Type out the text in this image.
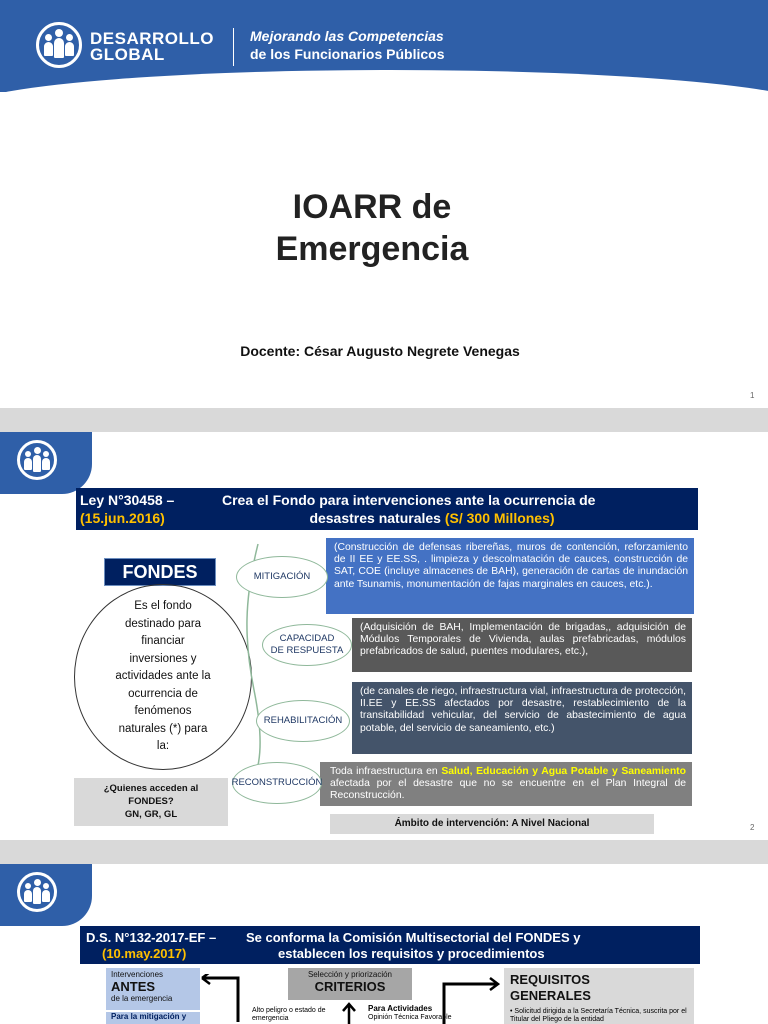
DESARROLLO
GLOBAL
Mejorando las Competencias
de los Funcionarios Públicos
IOARR de
Emergencia
Docente: César Augusto Negrete Venegas
1
Ley N°30458 –
(15.jun.2016)
Crea el Fondo para intervenciones ante la ocurrencia de
desastres naturales (S/ 300 Millones)
FONDES
Es el fondo destinado para financiar inversiones y actividades ante la ocurrencia de fenómenos naturales (*) para la:
(Construcción de defensas ribereñas, muros de contención, reforzamiento de II EE y EE.SS, . limpieza y descolmatación de cauces, construcción de SAT, COE (incluye almacenes de BAH), generación de cartas de inundación ante Tsunamis, monumentación de fajas marginales en cauces, etc.).
MITIGACIÓN
(Adquisición de BAH, Implementación de brigadas,, adquisición de Módulos Temporales de Vivienda, aulas prefabricadas, módulos prefabricados de salud, puentes modulares, etc.),
CAPACIDAD
DE RESPUESTA
(de canales de riego, infraestructura vial, infraestructura de protección, II.EE y EE.SS afectados por desastre, restablecimiento de la transitabilidad vehicular, del servicio de abastecimiento de agua potable, del servicio de saneamiento, etc.)
REHABILITACIÓN
Toda infraestructura en Salud, Educación y Agua Potable y Saneamiento afectada por el desastre que no se encuentre en el Plan Integral de Reconstrucción.
RECONSTRUCCIÓN
¿Quienes acceden al FONDES?
GN, GR, GL
Ámbito de intervención: A Nivel Nacional	2
D.S. N°132-2017-EF –
(10.may.2017)
Se conforma la Comisión Multisectorial del FONDES y
establecen los requisitos y procedimientos
Intervenciones
ANTES
de la emergencia
Para la mitigación y
Alto peligro o estado de emergencia
Selección y priorización
CRITERIOS
Para Actividades
Opinión Técnica Favorable
REQUISITOS
GENERALES
• Solicitud dirigida a la Secretaría Técnica, suscrita por el Titular del Pliego de la entidad
